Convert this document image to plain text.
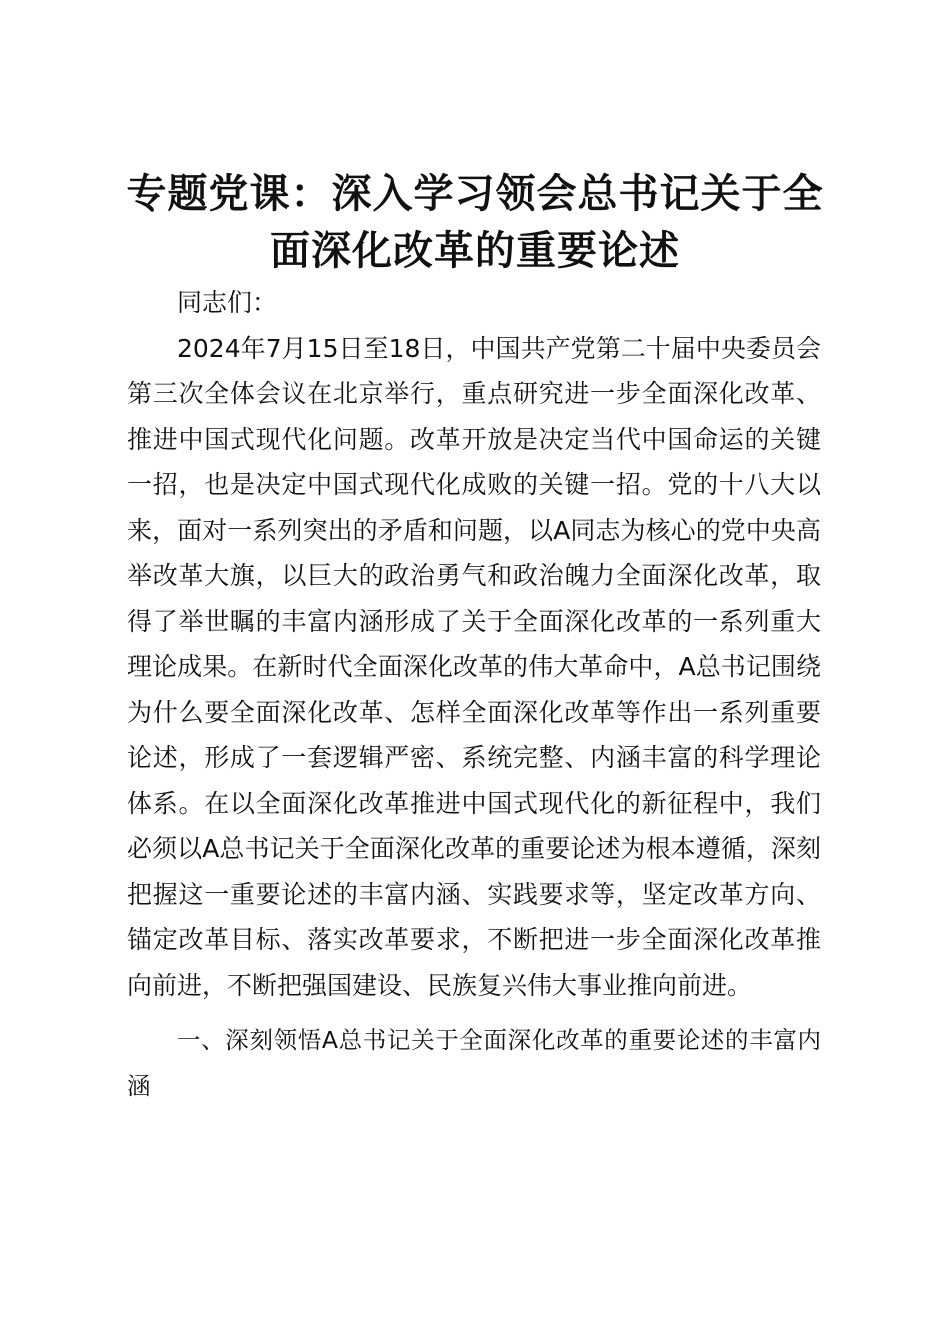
专题党课：深入学习领会总书记关于全面深化改革的重要论述

同志们：

2024年7月15日至18日，中国共产党第二十届中央委员会第三次全体会议在北京举行，重点研究进一步全面深化改革、推进中国式现代化问题。改革开放是决定当代中国命运的关键一招，也是决定中国式现代化成败的关键一招。党的十八大以来，面对一系列突出的矛盾和问题，以A同志为核心的党中央高举改革大旗，以巨大的政治勇气和政治魄力全面深化改革，取得了举世瞩的丰富内涵形成了关于全面深化改革的一系列重大理论成果。在新时代全面深化改革的伟大革命中，A总书记围绕为什么要全面深化改革、怎样全面深化改革等作出一系列重要论述，形成了一套逻辑严密、系统完整、内涵丰富的科学理论体系。在以全面深化改革推进中国式现代化的新征程中，我们必须以A总书记关于全面深化改革的重要论述为根本遵循，深刻把握这一重要论述的丰富内涵、实践要求等，坚定改革方向、锚定改革目标、落实改革要求，不断把进一步全面深化改革推向前进，不断把强国建设、民族复兴伟大事业推向前进。

一、深刻领悟A总书记关于全面深化改革的重要论述的丰富内涵
